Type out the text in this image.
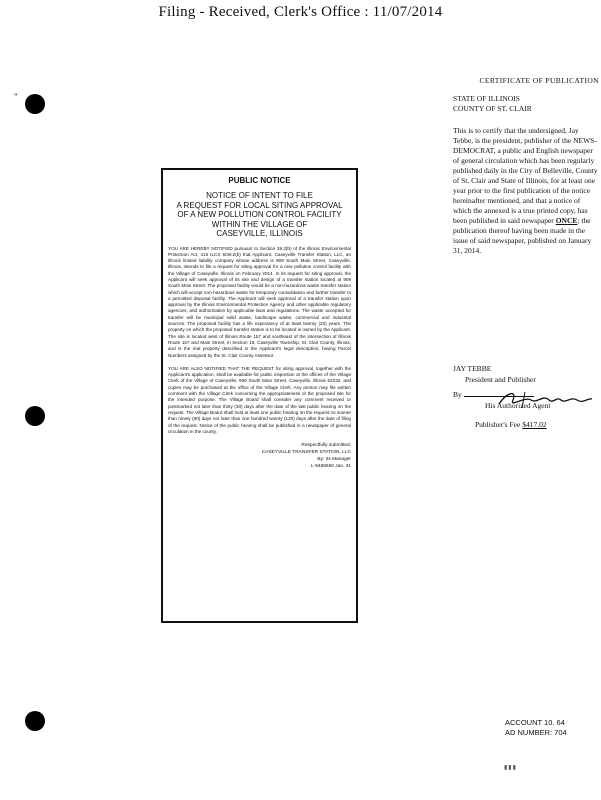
Filing - Received, Clerk's Office : 11/07/2014
"
PUBLIC NOTICE
NOTICE OF INTENT TO FILE
A REQUEST FOR LOCAL SITING APPROVAL
OF A NEW POLLUTION CONTROL FACILITY
WITHIN THE VILLAGE OF
CASEYVILLE, ILLINOIS
YOU ARE HEREBY NOTIFIED pursuant to Section 39.2(b) of the Illinois Environmental Protection Act, 415 ILCS 5/39.2(b) that Applicant, Caseyville Transfer Station, LLC, an Illinois limited liability company whose address is 909 South Main Street, Caseyville, Illinois, intends to file a request for siting approval for a new pollution control facility with the Village of Caseyville, Illinois on February 2014. In its request for siting approval, the Applicant will seek approval of its site and design of a transfer station located at 909 South Main Street. The proposed facility would be a non-hazardous waste transfer station which will accept non-hazardous waste for temporary consolidation and further transfer to a permitted disposal facility. The Applicant will seek approval of a transfer station upon approval by the Illinois Environmental Protection Agency and other applicable regulatory agencies, and authorization by applicable laws and regulations. The waste accepted for transfer will be municipal solid waste, landscape waste, commercial and industrial sources. The proposed facility has a life expectancy of at least twenty (20) years. The property on which the proposed transfer station is to be located is owned by the Applicant. The site is located west of Illinois Route 157 and southeast of the intersection of Illinois Route 157 and Main Street, in Section 19, Caseyville Township, St. Clair County, Illinois, and is the real property described in the Applicant's legal description, having Parcel Numbers assigned by the St. Clair County Assessor.
YOU ARE ALSO NOTIFIED THAT THE REQUEST for siting approval, together with the Applicant's application, shall be available for public inspection at the offices of the Village Clerk of the Village of Caseyville, 909 South Main Street, Caseyville, Illinois 62232, and copies may be purchased at the office of the Village Clerk. Any person may file written comment with the Village Clerk concerning the appropriateness of the proposed site for the intended purpose. The Village Board shall consider any comment received or postmarked not later than thirty (30) days after the date of the last public hearing on the request. The Village Board shall hold at least one public hearing on the request no sooner than ninety (90) days nor later than one hundred twenty (120) days after the date of filing of the request. Notice of the public hearing shall be published in a newspaper of general circulation in the county.
Respectfully submitted,
CASEYVILLE TRANSFER STATION, LLC
By: Its Manager
L-9466560 Jan. 31
CERTIFICATE OF PUBLICATION
STATE OF ILLINOIS
COUNTY OF ST. CLAIR
This is to certify that the undersigned, Jay Tebbe, is the president, publisher of the NEWS-DEMOCRAT, a public and English newspaper of general circulation which has been regularly published daily in the City of Belleville, County of St. Clair and State of Illinois, for at least one year prior to the first publication of the notice hereinafter mentioned, and that a notice of which the annexed is a true printed copy, has been published in said newspaper ONCE; the publication thereof having been made in the issue of said newspaper, published on January 31, 2014.
JAY TEBBE
President and Publisher
By
His Authorized Agent
Publisher's Fee $417.02
ACCOUNT 10. 64
AD NUMBER: 704
▮▮▮
